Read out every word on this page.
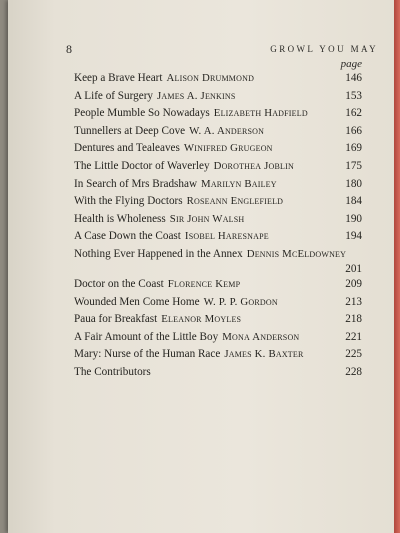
8	GROWL YOU MAY
page
Keep a Brave Heart Alison Drummond	146
A Life of Surgery James A. Jenkins	153
People Mumble So Nowadays Elizabeth Hadfield	162
Tunnellers at Deep Cove W. A. Anderson	166
Dentures and Tealeaves Winifred Grugeon	169
The Little Doctor of Waverley Dorothea Joblin	175
In Search of Mrs Bradshaw Marilyn Bailey	180
With the Flying Doctors Roseann Englefield	184
Health is Wholeness Sir John Walsh	190
A Case Down the Coast Isobel Haresnape	194
Nothing Ever Happened in the Annex Dennis McEldowney
201
Doctor on the Coast Florence Kemp	209
Wounded Men Come Home W. P. P. Gordon	213
Paua for Breakfast Eleanor Moyles	218
A Fair Amount of the Little Boy Mona Anderson	221
Mary: Nurse of the Human Race James K. Baxter	225
The Contributors	228
